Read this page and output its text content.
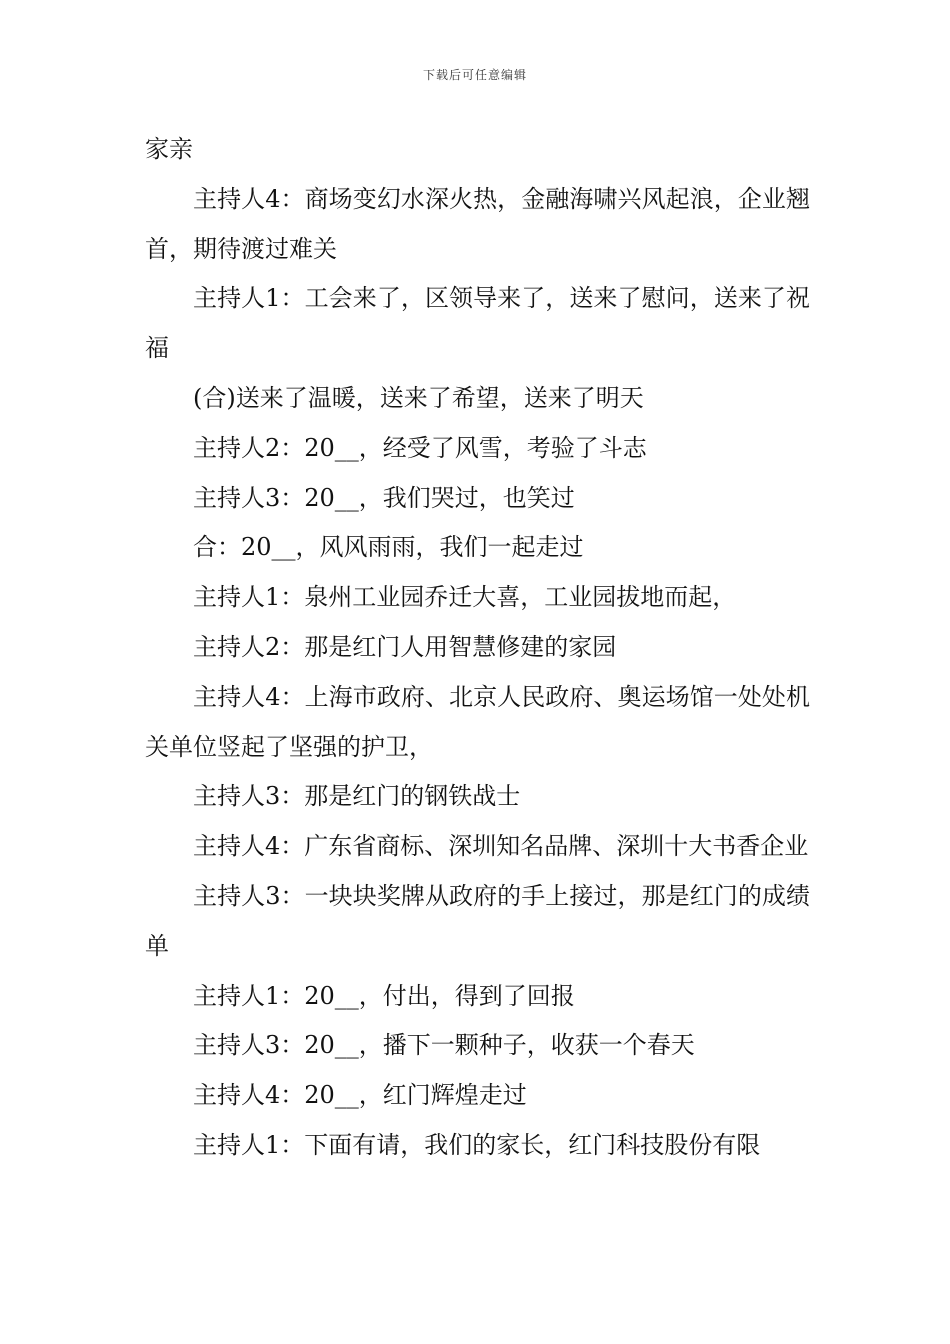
下载后可任意编辑

家亲

主持人4：商场变幻水深火热，金融海啸兴风起浪，企业翘首，期待渡过难关

主持人1：工会来了，区领导来了，送来了慰问，送来了祝福

(合)送来了温暖，送来了希望，送来了明天

主持人2：20__，经受了风雪，考验了斗志

主持人3：20__，我们哭过，也笑过

合：20__，风风雨雨，我们一起走过

主持人1：泉州工业园乔迁大喜，工业园拔地而起，

主持人2：那是红门人用智慧修建的家园

主持人4：上海市政府、北京人民政府、奥运场馆一处处机关单位竖起了坚强的护卫，

主持人3：那是红门的钢铁战士

主持人4：广东省商标、深圳知名品牌、深圳十大书香企业

主持人3：一块块奖牌从政府的手上接过，那是红门的成绩单

主持人1：20__，付出，得到了回报

主持人3：20__，播下一颗种子，收获一个春天

主持人4：20__，红门辉煌走过

主持人1：下面有请，我们的家长，红门科技股份有限
